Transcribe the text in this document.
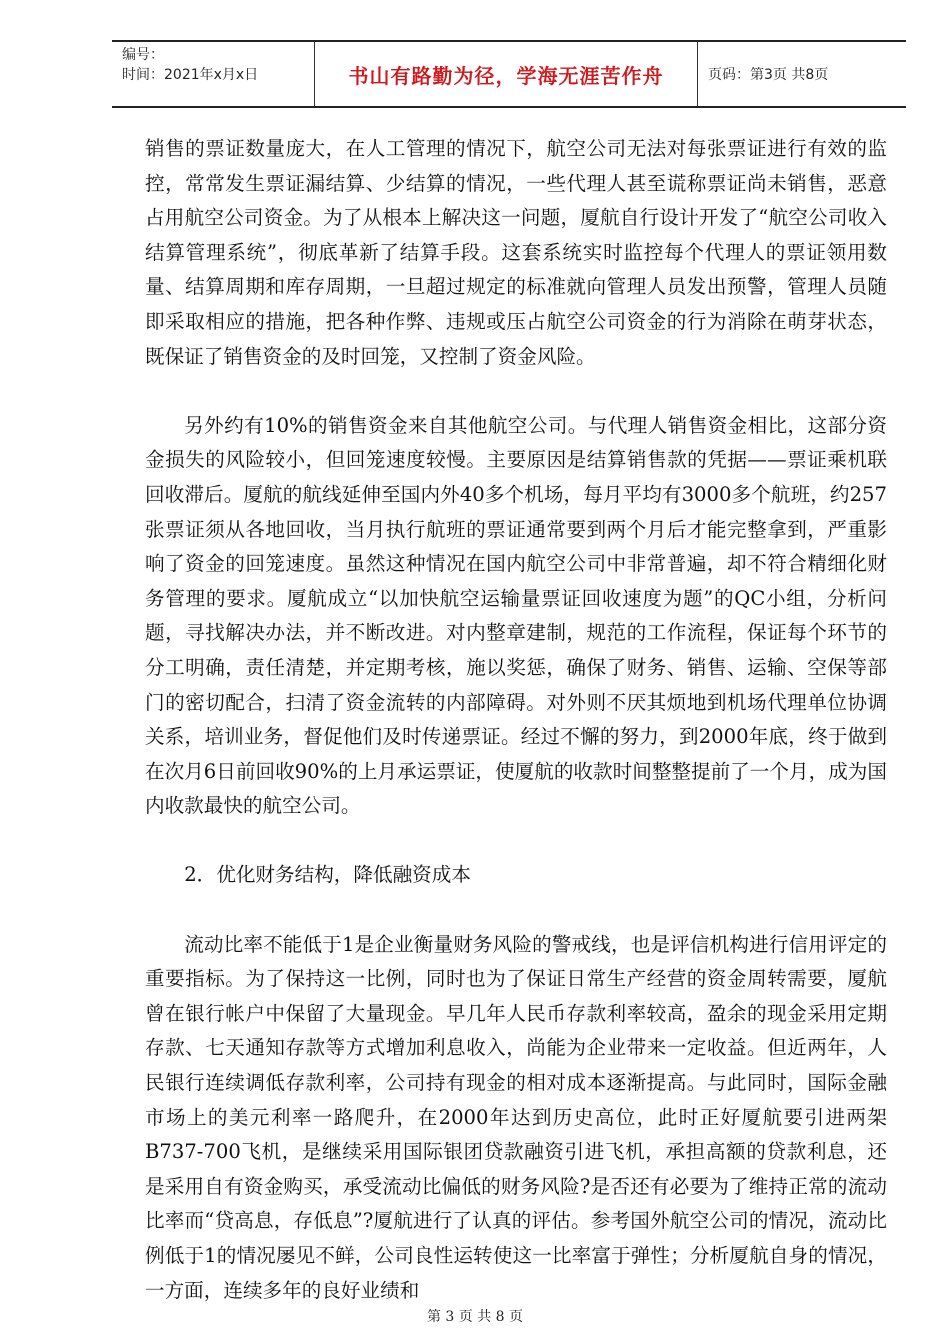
编号：
时间：2021年x月x日	书山有路勤为径，学海无涯苦作舟	页码：第3页 共8页

销售的票证数量庞大，在人工管理的情况下，航空公司无法对每张票证进行有效的监控，常常发生票证漏结算、少结算的情况，一些代理人甚至谎称票证尚未销售，恶意占用航空公司资金。为了从根本上解决这一问题，厦航自行设计开发了“航空公司收入结算管理系统”，彻底革新了结算手段。这套系统实时监控每个代理人的票证领用数量、结算周期和库存周期，一旦超过规定的标准就向管理人员发出预警，管理人员随即采取相应的措施，把各种作弊、违规或压占航空公司资金的行为消除在萌芽状态，既保证了销售资金的及时回笼，又控制了资金风险。

另外约有10%的销售资金来自其他航空公司。与代理人销售资金相比，这部分资金损失的风险较小，但回笼速度较慢。主要原因是结算销售款的凭据——票证乘机联回收滞后。厦航的航线延伸至国内外40多个机场，每月平均有3000多个航班，约257张票证须从各地回收，当月执行航班的票证通常要到两个月后才能完整拿到，严重影响了资金的回笼速度。虽然这种情况在国内航空公司中非常普遍，却不符合精细化财务管理的要求。厦航成立“以加快航空运输量票证回收速度为题”的QC小组，分析问题，寻找解决办法，并不断改进。对内整章建制，规范的工作流程，保证每个环节的分工明确，责任清楚，并定期考核，施以奖惩，确保了财务、销售、运输、空保等部门的密切配合，扫清了资金流转的内部障碍。对外则不厌其烦地到机场代理单位协调关系，培训业务，督促他们及时传递票证。经过不懈的努力，到2000年底，终于做到在次月6日前回收90%的上月承运票证，使厦航的收款时间整整提前了一个月，成为国内收款最快的航空公司。

2．优化财务结构，降低融资成本

流动比率不能低于1是企业衡量财务风险的警戒线，也是评信机构进行信用评定的重要指标。为了保持这一比例，同时也为了保证日常生产经营的资金周转需要，厦航曾在银行帐户中保留了大量现金。早几年人民币存款利率较高，盈余的现金采用定期存款、七天通知存款等方式增加利息收入，尚能为企业带来一定收益。但近两年，人民银行连续调低存款利率，公司持有现金的相对成本逐渐提高。与此同时，国际金融市场上的美元利率一路爬升，在2000年达到历史高位，此时正好厦航要引进两架B737-700飞机，是继续采用国际银团贷款融资引进飞机，承担高额的贷款利息，还是采用自有资金购买，承受流动比偏低的财务风险?是否还有必要为了维持正常的流动比率而“贷高息，存低息”?厦航进行了认真的评估。参考国外航空公司的情况，流动比例低于1的情况屡见不鲜，公司良性运转使这一比率富于弹性；分析厦航自身的情况，一方面，连续多年的良好业绩和

第 3 页 共 8 页
